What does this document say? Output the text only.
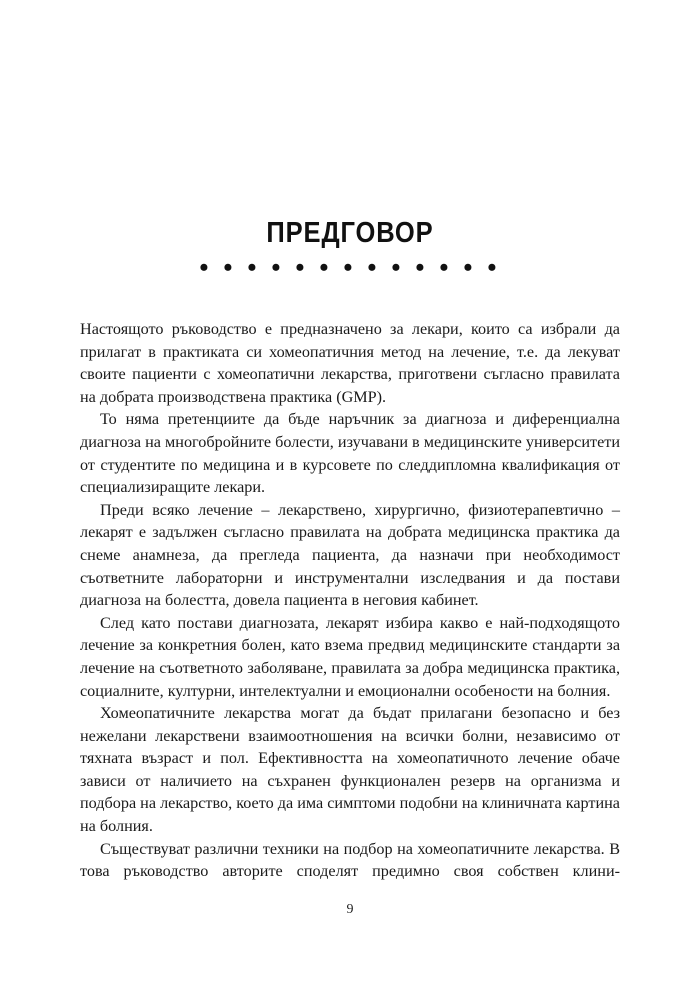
ПРЕДГОВОР
• • • • • • • • • • • • •

Настоящото ръководство е предназначено за лекари, които са избрали да прилагат в практиката си хомеопатичния метод на лечение, т.е. да лекуват своите пациенти с хомеопатични лекарства, приготвени съгласно правилата на добрата производствена практика (GMP).

То няма претенциите да бъде наръчник за диагноза и диференциална диагноза на многобройните болести, изучавани в медицинските университети от студентите по медицина и в курсовете по следдипломна квалификация от специализиращите лекари.

Преди всяко лечение – лекарствено, хирургично, физиотерапевтично – лекарят е задължен съгласно правилата на добрата медицинска практика да снеме анамнеза, да прегледа пациента, да назначи при необходимост съответните лабораторни и инструментални изследвания и да постави диагноза на болестта, довела пациента в неговия кабинет.

След като постави диагнозата, лекарят избира какво е най-подходящото лечение за конкретния болен, като взема предвид медицинските стандарти за лечение на съответното заболяване, правилата за добра медицинска практика, социалните, културни, интелектуални и емоционални особености на болния.

Хомеопатичните лекарства могат да бъдат прилагани безопасно и без нежелани лекарствени взаимоотношения на всички болни, независимо от тяхната възраст и пол. Ефективността на хомеопатичното лечение обаче зависи от наличието на съхранен функционален резерв на организма и подбора на лекарство, което да има симптоми подобни на клиничната картина на болния.

Съществуват различни техники на подбор на хомеопатичните лекарства. В това ръководство авторите споделят предимно своя собствен клини-

9
